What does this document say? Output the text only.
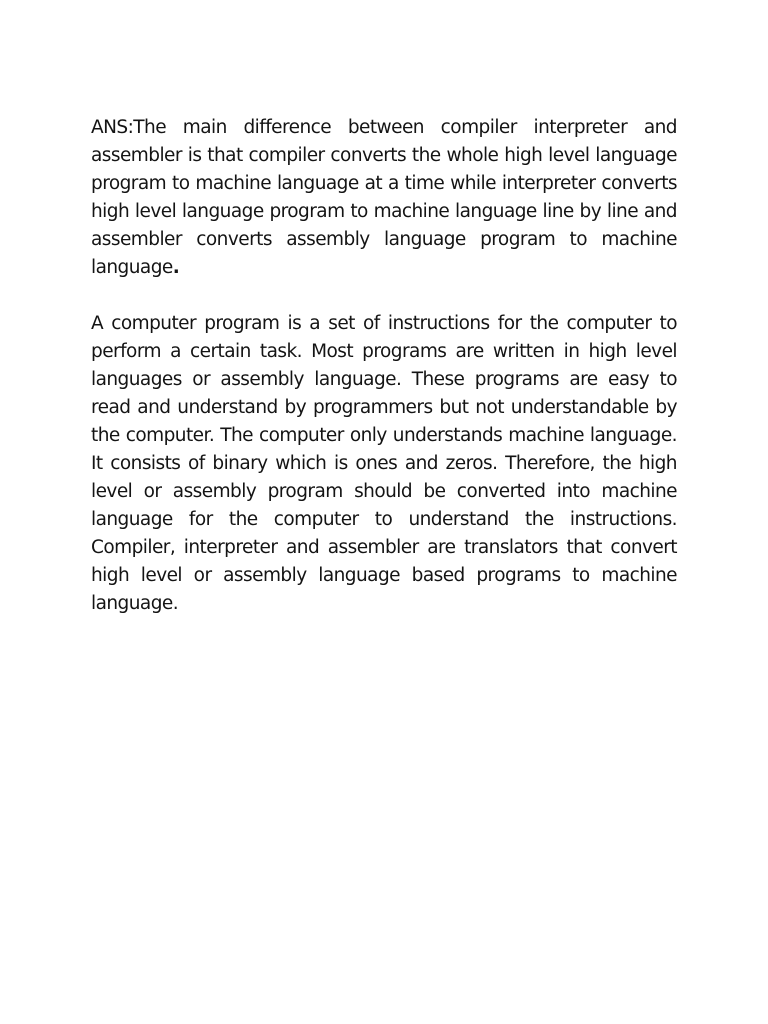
ANS:The main difference between compiler interpreter and assembler is that compiler converts the whole high level language program to machine language at a time while interpreter converts high level language program to machine language line by line and assembler converts assembly language program to machine language.

A computer program is a set of instructions for the computer to perform a certain task. Most programs are written in high level languages or assembly language. These programs are easy to read and understand by programmers but not understandable by the computer. The computer only understands machine language. It consists of binary which is ones and zeros. Therefore, the high level or assembly program should be converted into machine language for the computer to understand the instructions. Compiler, interpreter and assembler are translators that convert high level or assembly language based programs to machine language.
